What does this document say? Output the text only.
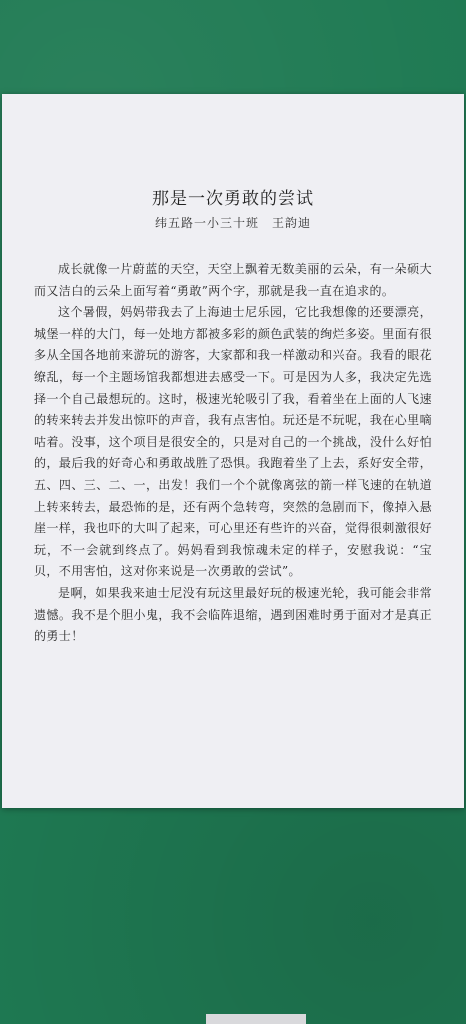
那是一次勇敢的尝试
纬五路一小三十班　王韵迪

成长就像一片蔚蓝的天空，天空上飘着无数美丽的云朵，有一朵硕大而又洁白的云朵上面写着“勇敢”两个字，那就是我一直在追求的。

这个暑假，妈妈带我去了上海迪士尼乐园，它比我想像的还要漂亮，城堡一样的大门，每一处地方都被多彩的颜色武装的绚烂多姿。里面有很多从全国各地前来游玩的游客，大家都和我一样激动和兴奋。我看的眼花缭乱，每一个主题场馆我都想进去感受一下。可是因为人多，我决定先选择一个自己最想玩的。这时，极速光轮吸引了我，看着坐在上面的人飞速的转来转去并发出惊吓的声音，我有点害怕。玩还是不玩呢，我在心里嘀咕着。没事，这个项目是很安全的，只是对自己的一个挑战，没什么好怕的，最后我的好奇心和勇敢战胜了恐惧。我跑着坐了上去，系好安全带，五、四、三、二、一，出发！我们一个个就像离弦的箭一样飞速的在轨道上转来转去，最恐怖的是，还有两个急转弯，突然的急剧而下，像掉入悬崖一样，我也吓的大叫了起来，可心里还有些许的兴奋，觉得很刺激很好玩，不一会就到终点了。妈妈看到我惊魂未定的样子，安慰我说：“宝贝，不用害怕，这对你来说是一次勇敢的尝试”。

是啊，如果我来迪士尼没有玩这里最好玩的极速光轮，我可能会非常遗憾。我不是个胆小鬼，我不会临阵退缩，遇到困难时勇于面对才是真正的勇士！
